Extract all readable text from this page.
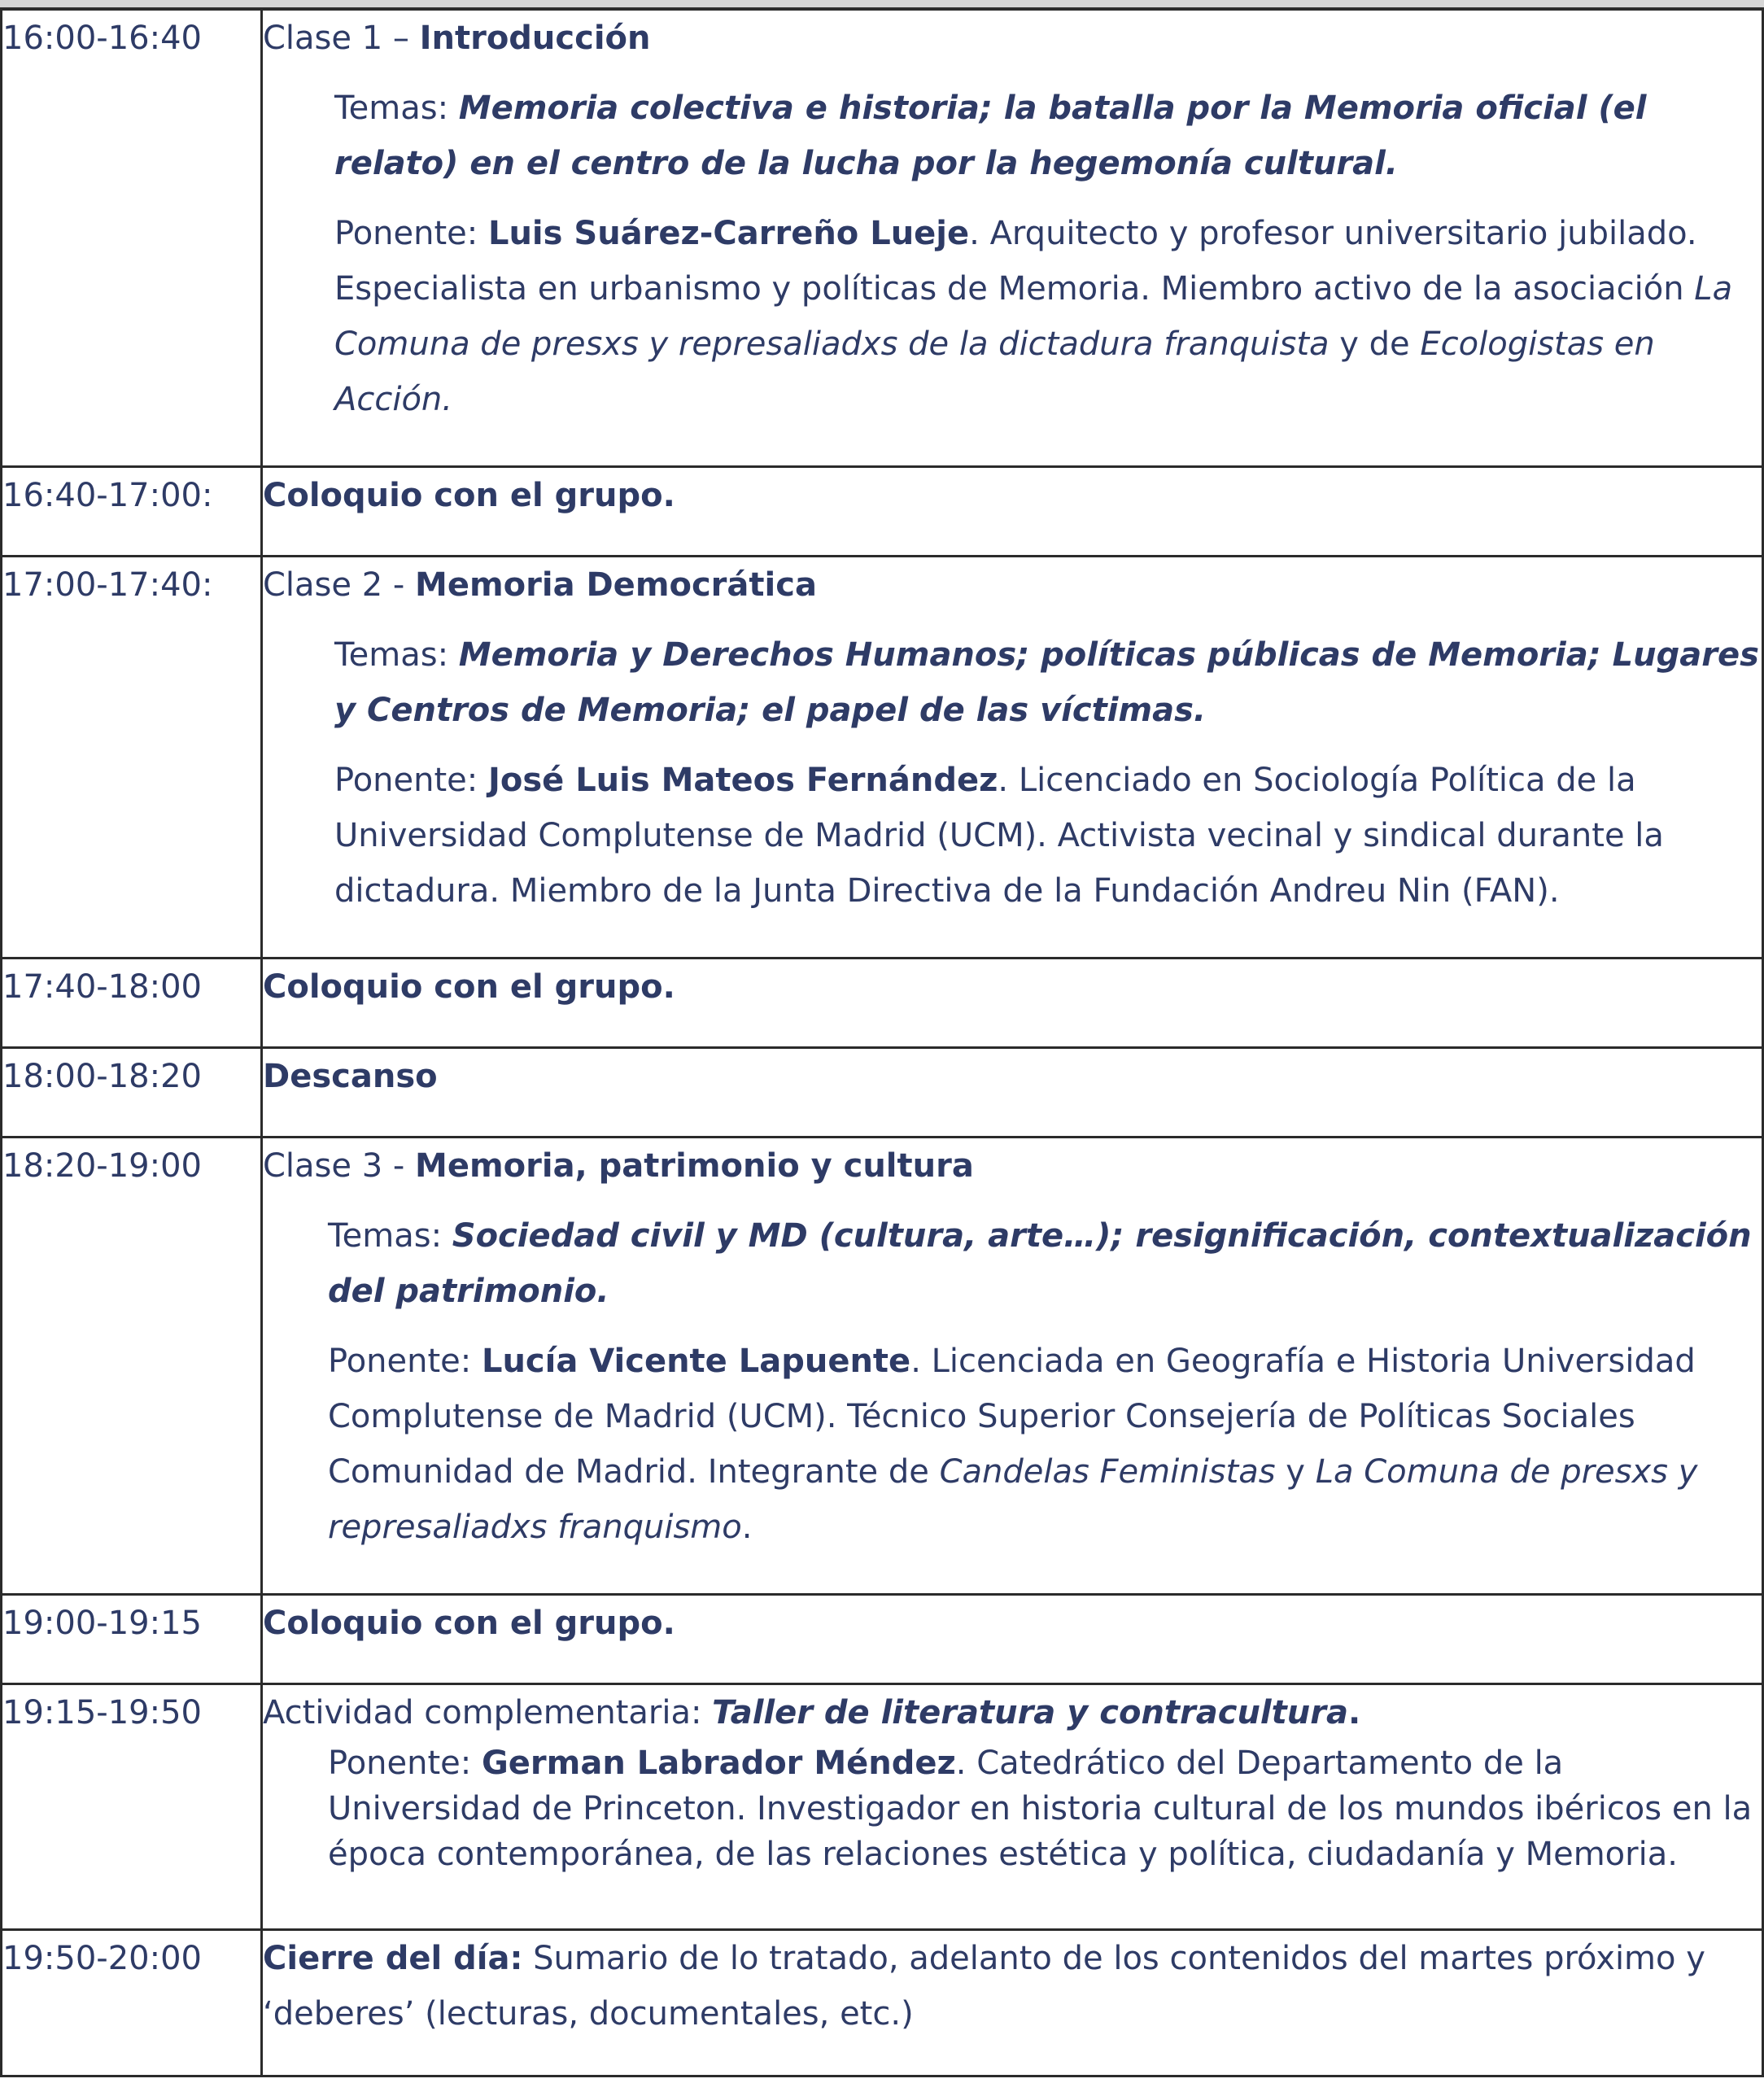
16:00-16:40	Clase 1 – Introducción
Temas: Memoria colectiva e historia; la batalla por la Memoria oficial (el relato) en el centro de la lucha por la hegemonía cultural.
Ponente: Luis Suárez-Carreño Lueje. Arquitecto y profesor universitario jubilado. Especialista en urbanismo y políticas de Memoria. Miembro activo de la asociación La Comuna de presxs y represaliadxs de la dictadura franquista y de Ecologistas en Acción.

16:40-17:00:	Coloquio con el grupo.

17:00-17:40:	Clase 2 - Memoria Democrática
Temas: Memoria y Derechos Humanos; políticas públicas de Memoria; Lugares y Centros de Memoria; el papel de las víctimas.
Ponente: José Luis Mateos Fernández. Licenciado en Sociología Política de la Universidad Complutense de Madrid (UCM). Activista vecinal y sindical durante la dictadura. Miembro de la Junta Directiva de la Fundación Andreu Nin (FAN).

17:40-18:00	Coloquio con el grupo.

18:00-18:20	Descanso

18:20-19:00	Clase 3 - Memoria, patrimonio y cultura
Temas: Sociedad civil y MD (cultura, arte…); resignificación, contextualización del patrimonio.
Ponente: Lucía Vicente Lapuente. Licenciada en Geografía e Historia Universidad Complutense de Madrid (UCM). Técnico Superior Consejería de Políticas Sociales Comunidad de Madrid. Integrante de Candelas Feministas y La Comuna de presxs y represaliadxs franquismo.

19:00-19:15	Coloquio con el grupo.

19:15-19:50	Actividad complementaria: Taller de literatura y contracultura.
Ponente: German Labrador Méndez. Catedrático del Departamento de la Universidad de Princeton. Investigador en historia cultural de los mundos ibéricos en la época contemporánea, de las relaciones estética y política, ciudadanía y Memoria.

19:50-20:00	Cierre del día: Sumario de lo tratado, adelanto de los contenidos del martes próximo y ‘deberes’ (lecturas, documentales, etc.)
